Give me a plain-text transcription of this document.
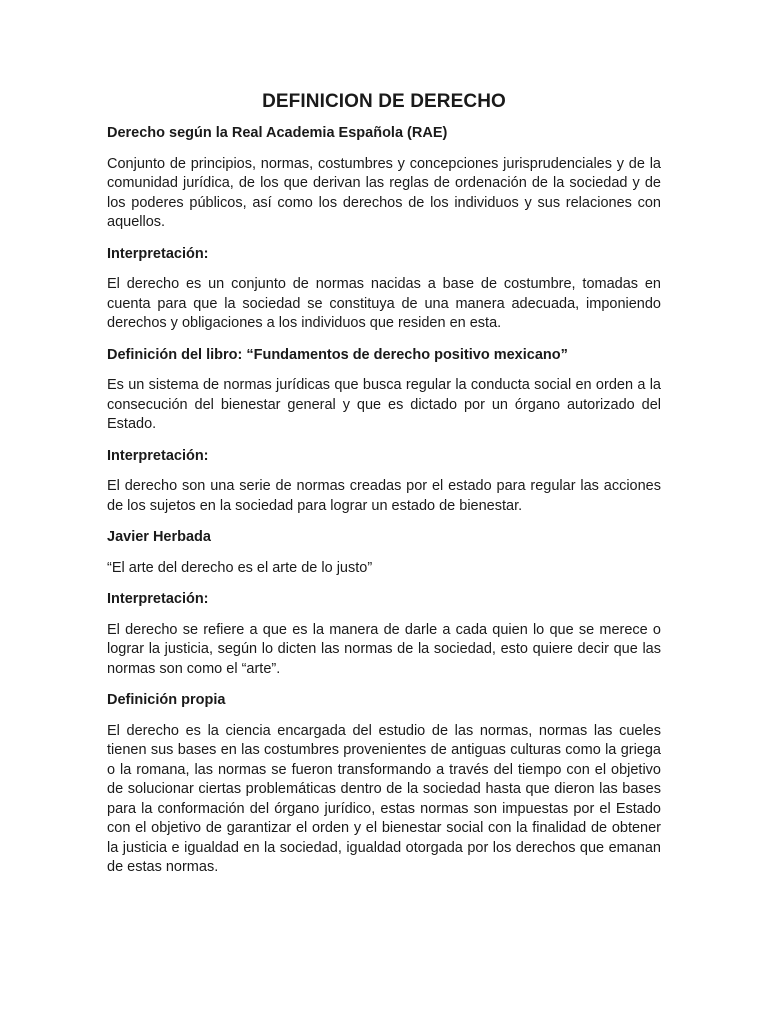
DEFINICION DE DERECHO
Derecho según la Real Academia Española (RAE)
Conjunto de principios, normas, costumbres y concepciones jurisprudenciales y de la comunidad jurídica, de los que derivan las reglas de ordenación de la sociedad y de los poderes públicos, así como los derechos de los individuos y sus relaciones con aquellos.
Interpretación:
El derecho es un conjunto de normas nacidas a base de costumbre, tomadas en cuenta para que la sociedad se constituya de una manera adecuada, imponiendo derechos y obligaciones a los individuos que residen en esta.
Definición del libro: “Fundamentos de derecho positivo mexicano”
Es un sistema de normas jurídicas que busca regular la conducta social en orden a la consecución del bienestar general y que es dictado por un órgano autorizado del Estado.
Interpretación:
El derecho son una serie de normas creadas por el estado para regular las acciones de los sujetos en la sociedad para lograr un estado de bienestar.
Javier Herbada
“El arte del derecho es el arte de lo justo”
Interpretación:
El derecho se refiere a que es la manera de darle a cada quien lo que se merece o lograr la justicia, según lo dicten las normas de la sociedad, esto quiere decir que las normas son como el “arte”.
Definición propia
El derecho es la ciencia encargada del estudio de las normas, normas las cueles tienen sus bases en las costumbres provenientes de antiguas culturas como la griega o la romana, las normas se fueron transformando a través del tiempo con el objetivo de solucionar ciertas problemáticas dentro de la sociedad hasta que dieron las bases para la conformación del órgano jurídico, estas normas son impuestas por el Estado con el objetivo de garantizar el orden y el bienestar social con la finalidad de obtener la justicia e igualdad en la sociedad, igualdad otorgada por los derechos que emanan de estas normas.
